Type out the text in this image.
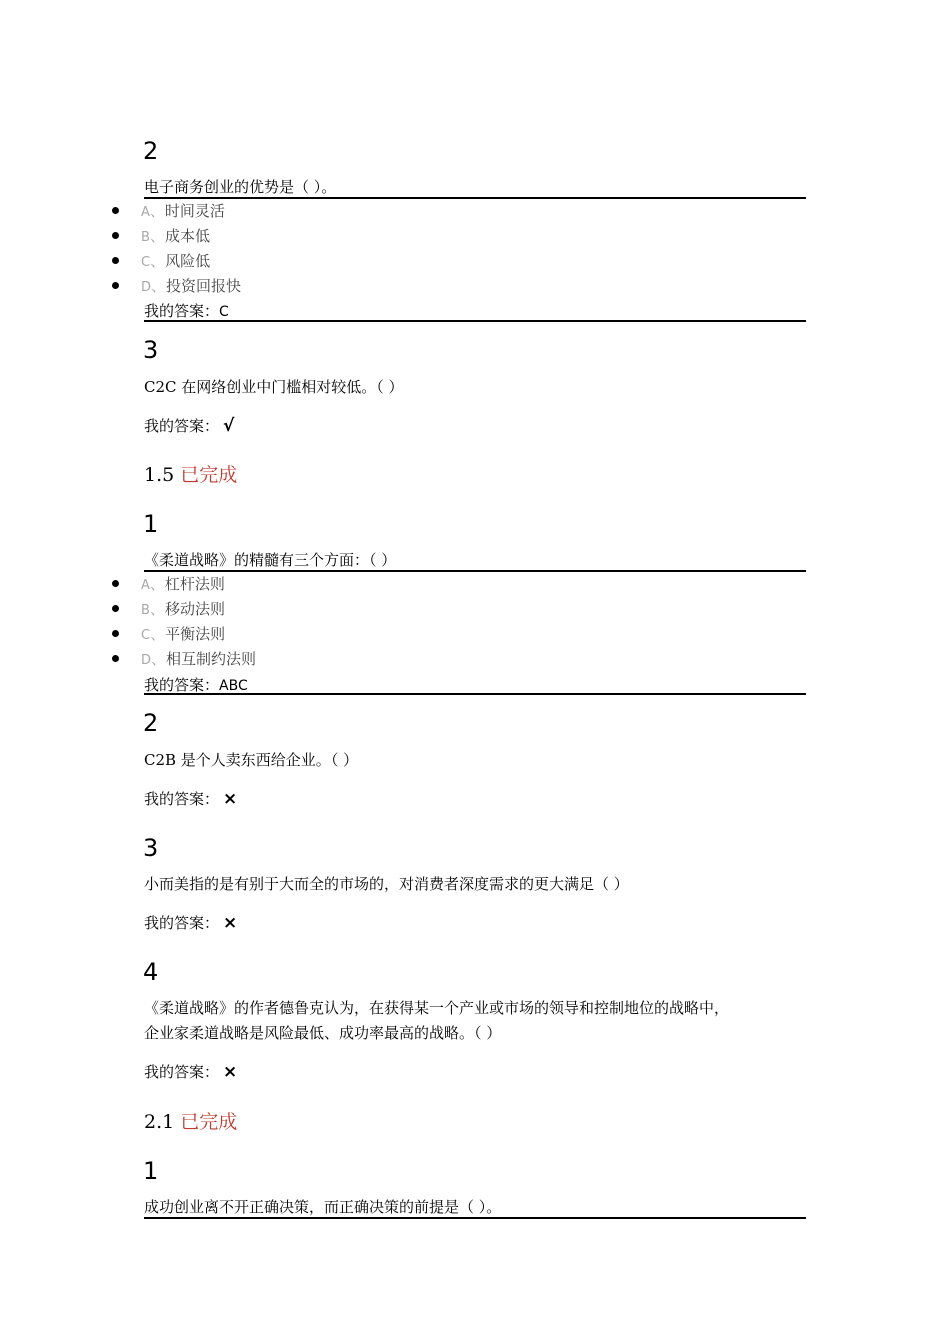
2
电子商务创业的优势是（ ）。
A、时间灵活
B、成本低
C、风险低
D、投资回报快
我的答案：C
3
C2C 在网络创业中门槛相对较低。（ ）
我的答案： √
1.5 已完成
1
《柔道战略》的精髓有三个方面：（ ）
A、杠杆法则
B、移动法则
C、平衡法则
D、相互制约法则
我的答案：ABC
2
C2B 是个人卖东西给企业。（ ）
我的答案： ×
3
小而美指的是有别于大而全的市场的，对消费者深度需求的更大满足（ ）
我的答案： ×
4
《柔道战略》的作者德鲁克认为，在获得某一个产业或市场的领导和控制地位的战略中，
企业家柔道战略是风险最低、成功率最高的战略。（ ）
我的答案： ×
2.1 已完成
1
成功创业离不开正确决策，而正确决策的前提是（ ）。
